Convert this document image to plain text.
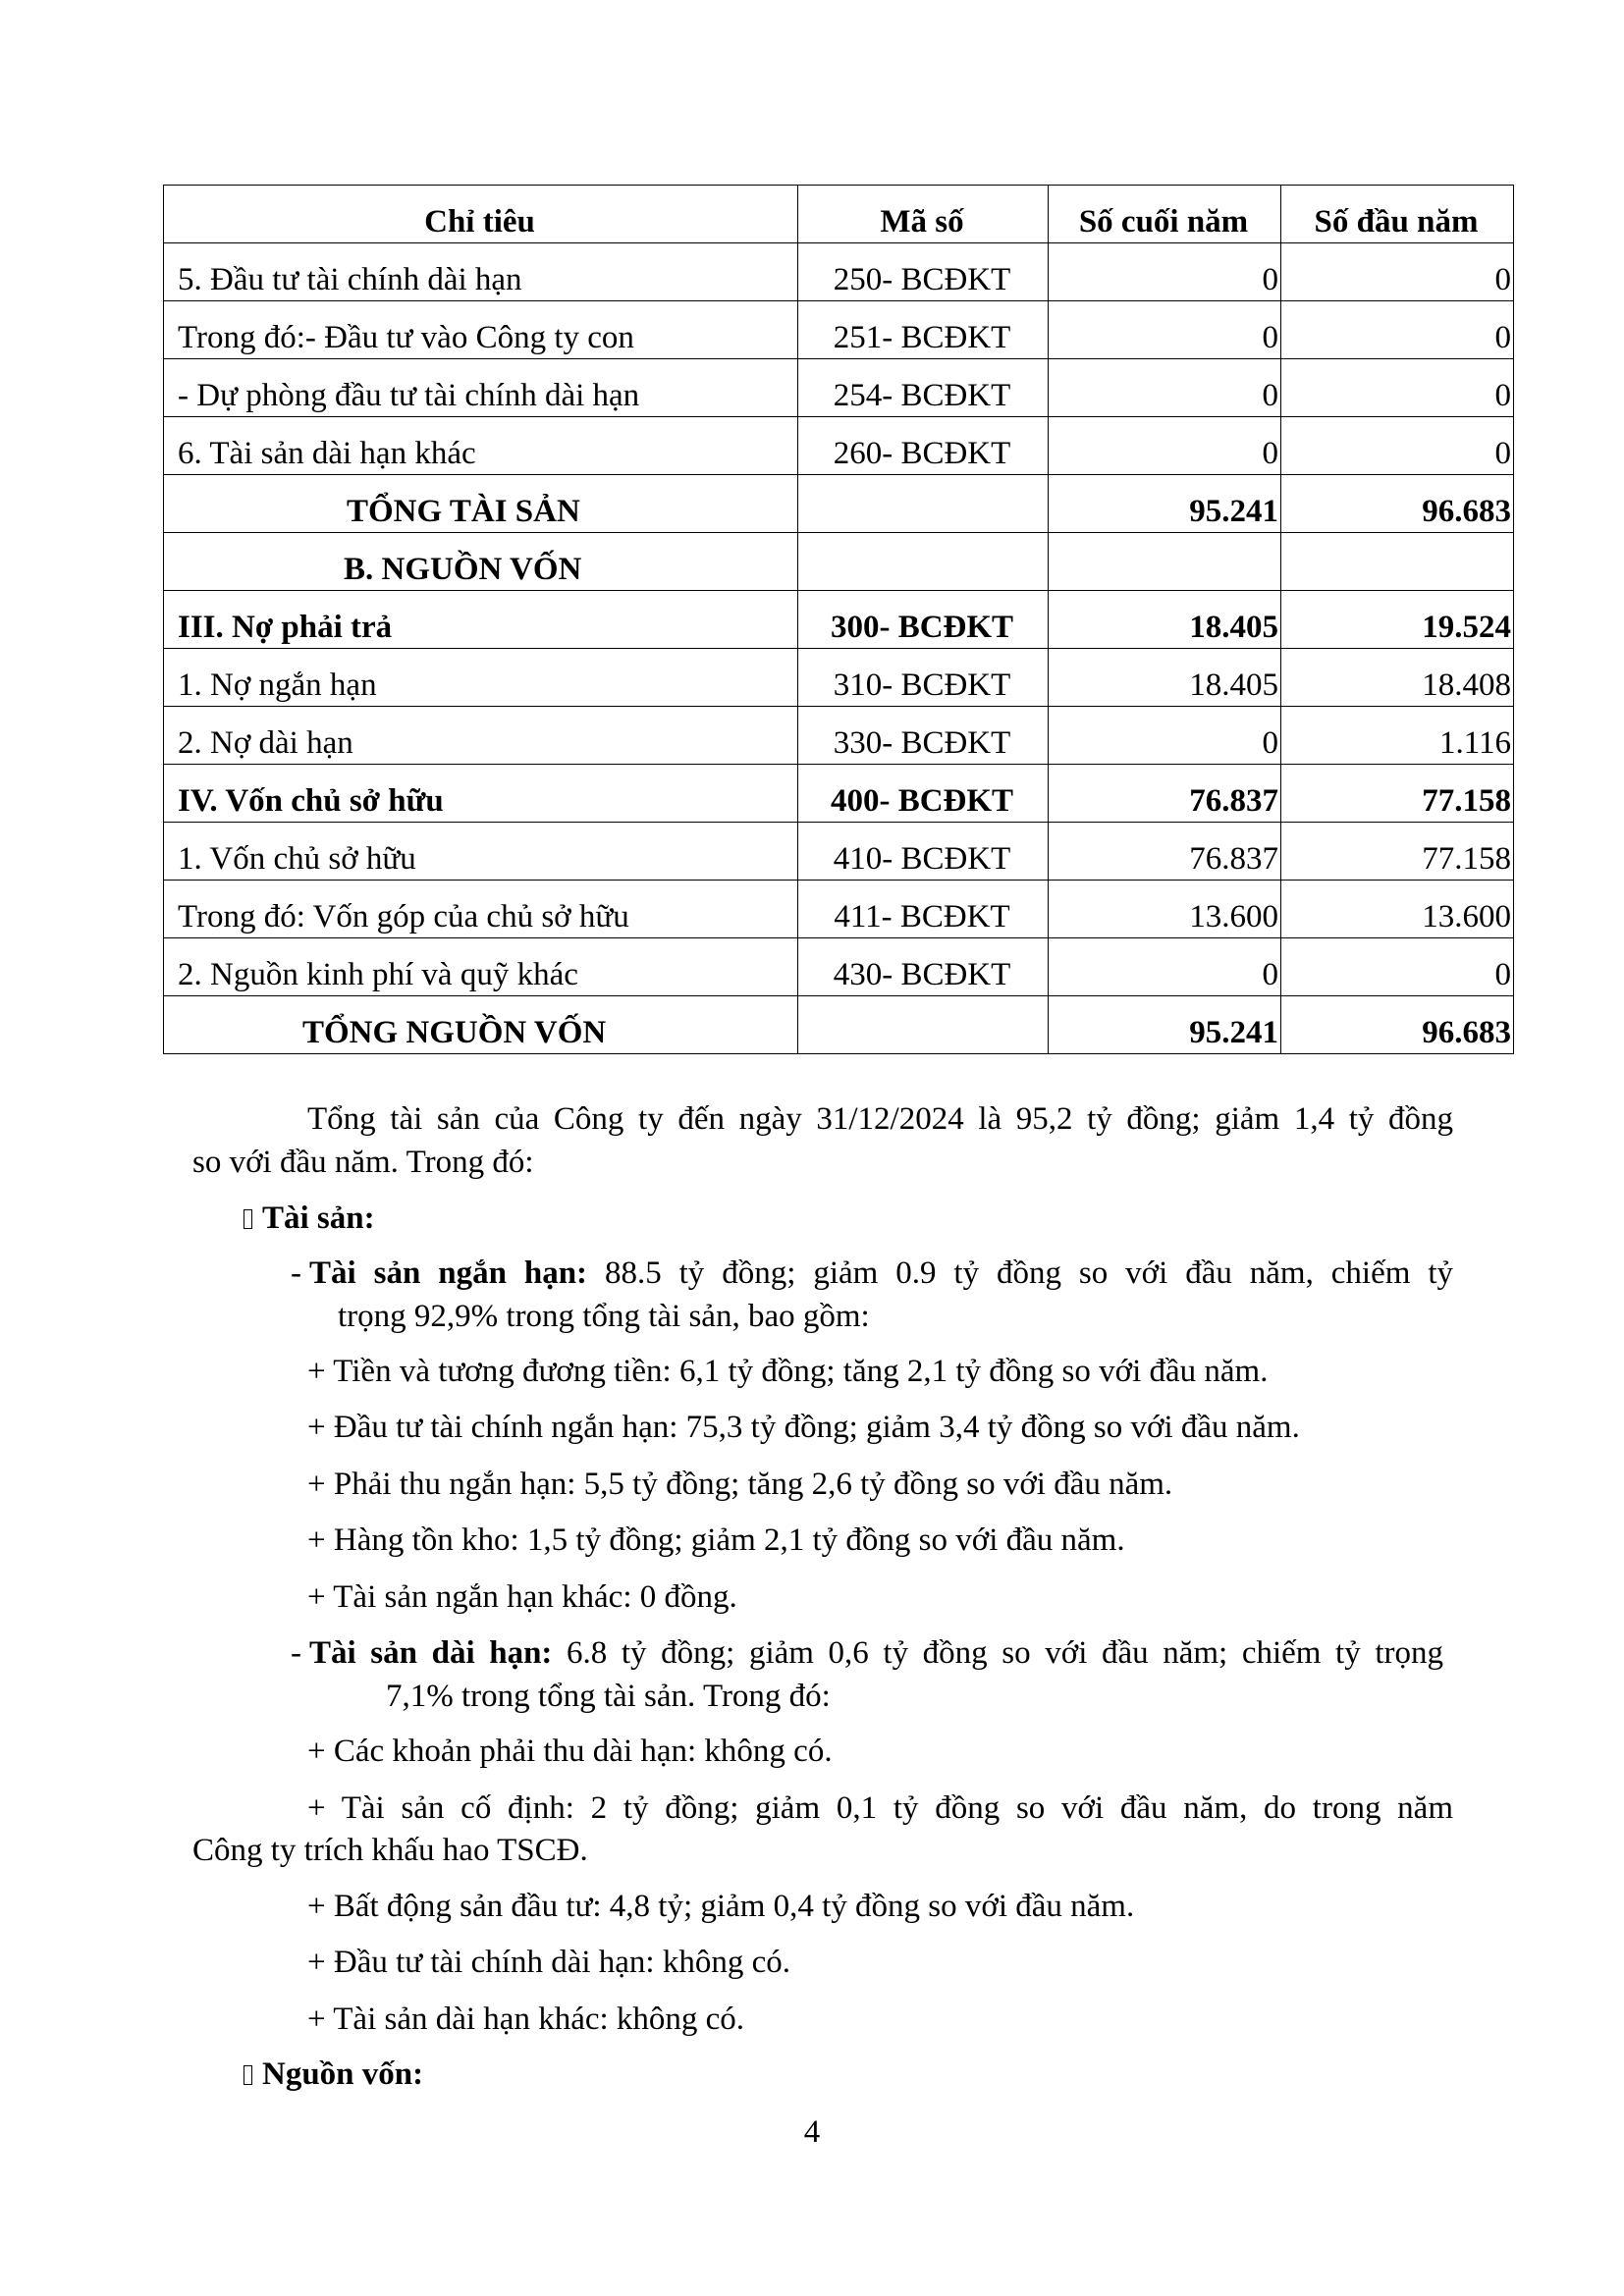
Chỉ tiêu	Mã số	Số cuối năm	Số đầu năm
5. Đầu tư tài chính dài hạn	250- BCĐKT	0	0
Trong đó:- Đầu tư vào Công ty con	251- BCĐKT	0	0
- Dự phòng đầu tư tài chính dài hạn	254- BCĐKT	0	0
6. Tài sản dài hạn khác	260- BCĐKT	0	0
TỔNG TÀI SẢN		95.241	96.683
B. NGUỒN VỐN			
III. Nợ phải trả	300- BCĐKT	18.405	19.524
1. Nợ ngắn hạn	310- BCĐKT	18.405	18.408
2. Nợ dài hạn	330- BCĐKT	0	1.116
IV. Vốn chủ sở hữu	400- BCĐKT	76.837	77.158
1. Vốn chủ sở hữu	410- BCĐKT	76.837	77.158
Trong đó: Vốn góp của chủ sở hữu	411- BCĐKT	13.600	13.600
2. Nguồn kinh phí và quỹ khác	430- BCĐKT	0	0
TỔNG NGUỒN VỐN		95.241	96.683
Tổng tài sản của Công ty đến ngày 31/12/2024 là 95,2 tỷ đồng; giảm 1,4 tỷ đồng
so với đầu năm. Trong đó:
Tài sản:
- Tài sản ngắn hạn: 88.5 tỷ đồng; giảm 0.9 tỷ đồng so với đầu năm, chiếm tỷ
trọng 92,9% trong tổng tài sản, bao gồm:
+ Tiền và tương đương tiền: 6,1 tỷ đồng; tăng 2,1 tỷ đồng so với đầu năm.
+ Đầu tư tài chính ngắn hạn: 75,3 tỷ đồng; giảm 3,4 tỷ đồng so với đầu năm.
+ Phải thu ngắn hạn: 5,5 tỷ đồng; tăng 2,6 tỷ đồng so với đầu năm.
+ Hàng tồn kho: 1,5 tỷ đồng; giảm 2,1 tỷ đồng so với đầu năm.
+ Tài sản ngắn hạn khác: 0 đồng.
- Tài sản dài hạn: 6.8 tỷ đồng; giảm 0,6 tỷ đồng so với đầu năm; chiếm tỷ trọng
7,1% trong tổng tài sản. Trong đó:
+ Các khoản phải thu dài hạn: không có.
+ Tài sản cố định: 2 tỷ đồng; giảm 0,1 tỷ đồng so với đầu năm, do trong năm
Công ty trích khấu hao TSCĐ.
+ Bất động sản đầu tư: 4,8 tỷ; giảm 0,4 tỷ đồng so với đầu năm.
+ Đầu tư tài chính dài hạn: không có.
+ Tài sản dài hạn khác: không có.
Nguồn vốn:
4
